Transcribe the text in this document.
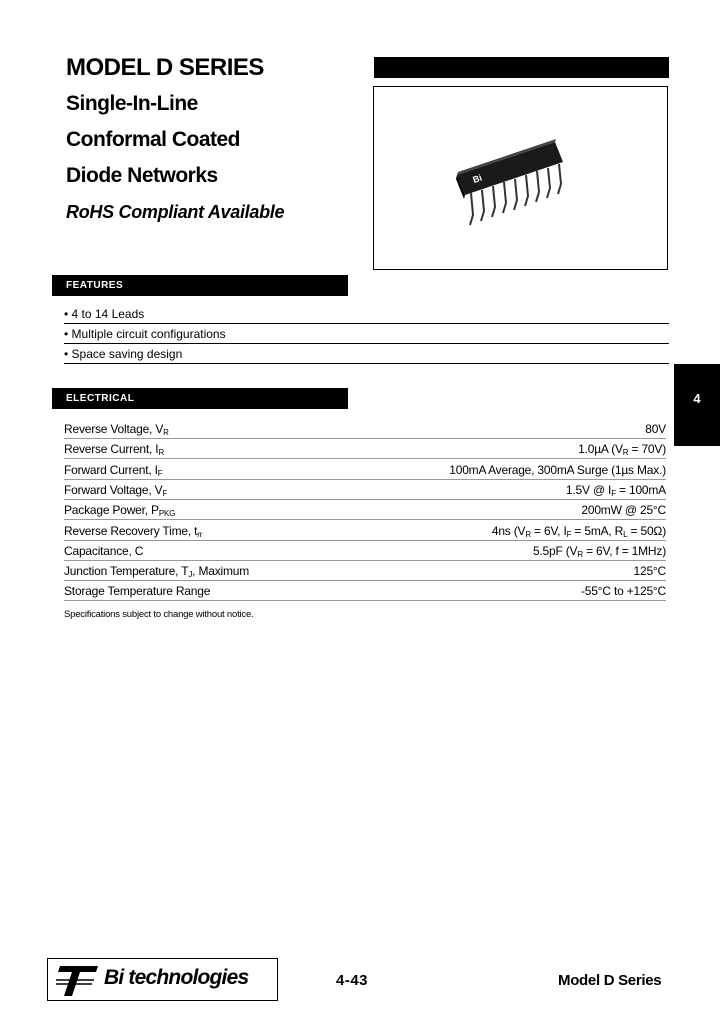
MODEL D SERIES
Single-In-Line
Conformal Coated
Diode Networks
RoHS Compliant Available
Bi
FEATURES
• 4 to 14 Leads
• Multiple circuit configurations
• Space saving design
ELECTRICAL
Reverse Voltage, $V_R$	80V
Reverse Current, $I_R$	1.0µA $(V_R = 70V)$
Forward Current, $I_F$	100mA Average, 300mA Surge (1µs Max.)
Forward Voltage, $V_F$	1.5V @ $I_F = 100mA$
Package Power, $P_{PKG}$	200mW @ 25°C
Reverse Recovery Time, $t_{rr}$	4ns ($V_R = 6V$, $I_F = 5mA$, $R_L = 50\Omega$)
Capacitance, C	5.5pF ($V_R = 6V$, f = 1MHz)
Junction Temperature, $T_J$, Maximum	125°C
Storage Temperature Range	-55°C to +125°C
Specifications subject to change without notice.
4
Bi technologies	4-43	Model D Series
